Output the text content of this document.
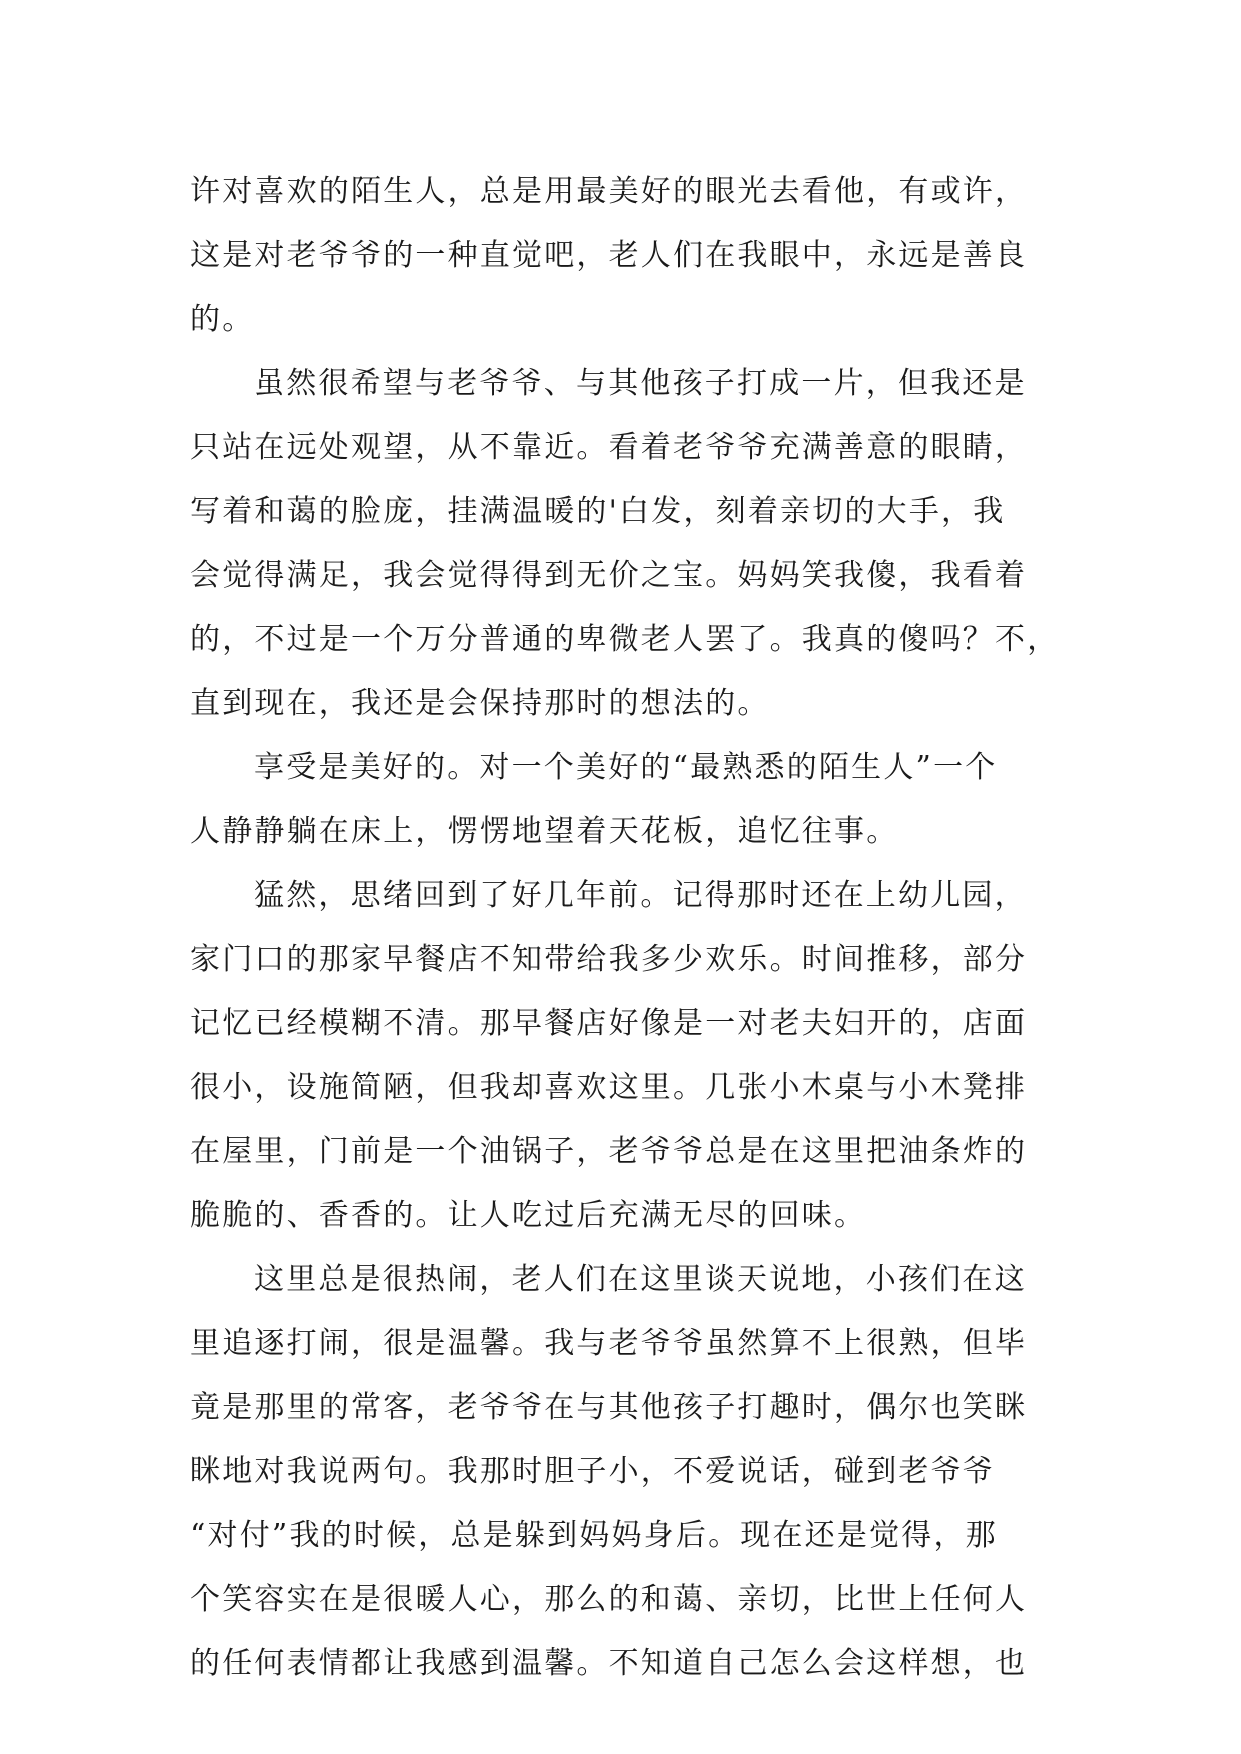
许对喜欢的陌生人，总是用最美好的眼光去看他，有或许，
这是对老爷爷的一种直觉吧，老人们在我眼中，永远是善良
的。
虽然很希望与老爷爷、与其他孩子打成一片，但我还是
只站在远处观望，从不靠近。看着老爷爷充满善意的眼睛，
写着和蔼的脸庞，挂满温暖的'白发，刻着亲切的大手，我
会觉得满足，我会觉得得到无价之宝。妈妈笑我傻，我看着
的，不过是一个万分普通的卑微老人罢了。我真的傻吗？不，
直到现在，我还是会保持那时的想法的。
享受是美好的。对一个美好的“最熟悉的陌生人”一个
人静静躺在床上，愣愣地望着天花板，追忆往事。
猛然，思绪回到了好几年前。记得那时还在上幼儿园，
家门口的那家早餐店不知带给我多少欢乐。时间推移，部分
记忆已经模糊不清。那早餐店好像是一对老夫妇开的，店面
很小，设施简陋，但我却喜欢这里。几张小木桌与小木凳排
在屋里，门前是一个油锅子，老爷爷总是在这里把油条炸的
脆脆的、香香的。让人吃过后充满无尽的回味。
这里总是很热闹，老人们在这里谈天说地，小孩们在这
里追逐打闹，很是温馨。我与老爷爷虽然算不上很熟，但毕
竟是那里的常客，老爷爷在与其他孩子打趣时，偶尔也笑眯
眯地对我说两句。我那时胆子小，不爱说话，碰到老爷爷
“对付”我的时候，总是躲到妈妈身后。现在还是觉得，那
个笑容实在是很暖人心，那么的和蔼、亲切，比世上任何人
的任何表情都让我感到温馨。不知道自己怎么会这样想，也
